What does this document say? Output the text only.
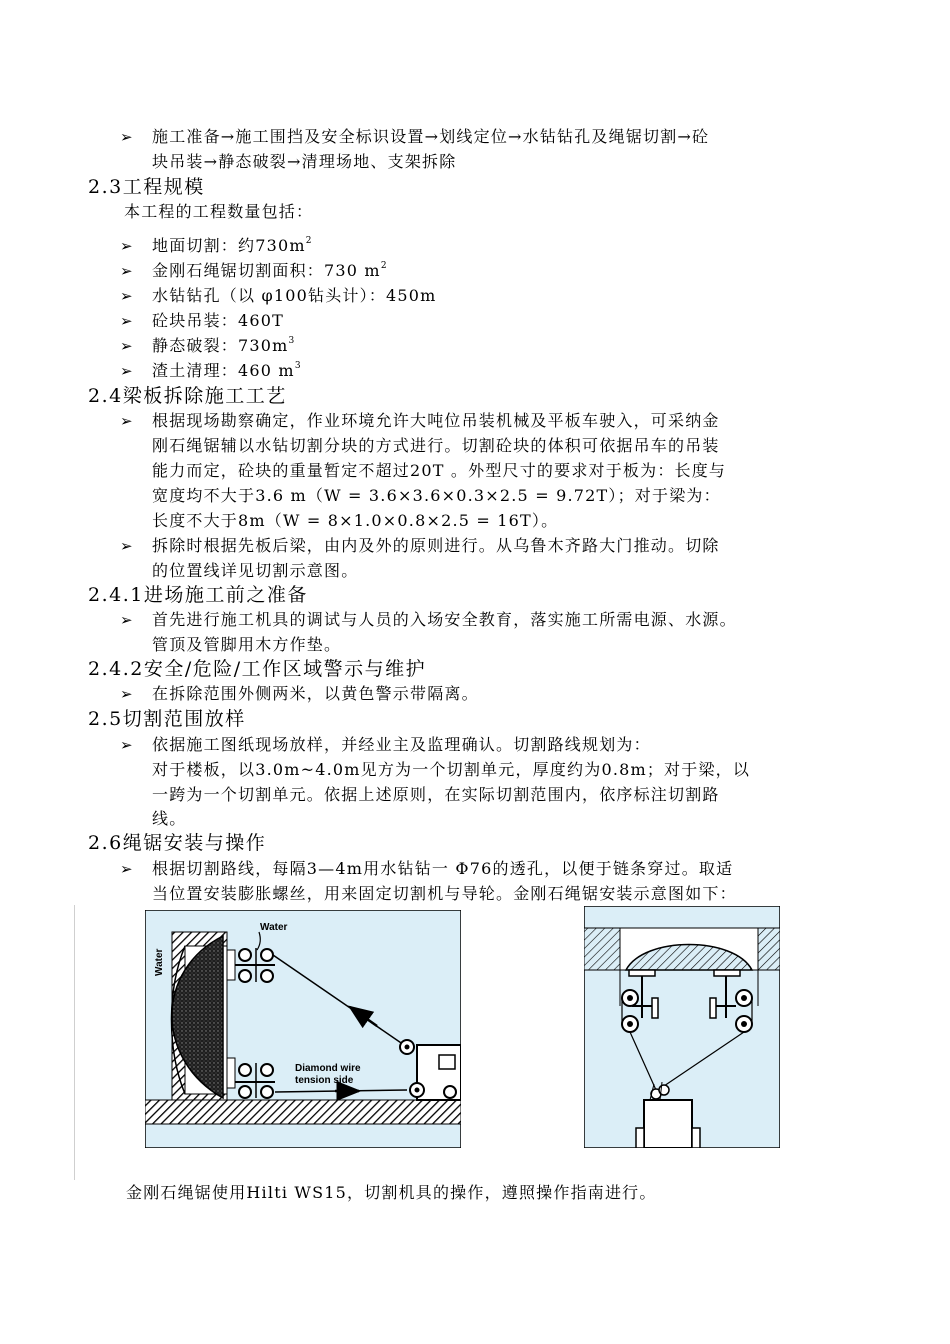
➢ 施工准备→施工围挡及安全标识设置→划线定位→水钻钻孔及绳锯切割→砼
块吊装→静态破裂→清理场地、支架拆除
2.3工程规模
本工程的工程数量包括：
➢ 地面切割：约$730m^2$
➢ 金刚石绳锯切割面积：730 $m^2$
➢ 水钻钻孔（以 φ100钻头计）：450m
➢ 砼块吊装：460T
➢ 静态破裂：$730m^3$
➢ 渣土清理：460 $m^3$
2.4梁板拆除施工工艺
➢ 根据现场勘察确定，作业环境允许大吨位吊装机械及平板车驶入，可采纳金
刚石绳锯辅以水钻切割分块的方式进行。切割砼块的体积可依据吊车的吊装
能力而定，砼块的重量暂定不超过20T 。外型尺寸的要求对于板为：长度与
宽度均不大于3.6 m（W = 3.6×3.6×0.3×2.5 = 9.72T）；对于梁为：
长度不大于8m（W = 8×1.0×0.8×2.5 = 16T）。
➢ 拆除时根据先板后梁，由内及外的原则进行。从乌鲁木齐路大门推动。切除
的位置线详见切割示意图。
2.4.1进场施工前之准备
➢ 首先进行施工机具的调试与人员的入场安全教育，落实施工所需电源、水源。
管顶及管脚用木方作垫。
2.4.2安全/危险/工作区域警示与维护
➢ 在拆除范围外侧两米，以黄色警示带隔离。
2.5切割范围放样
➢ 依据施工图纸现场放样，并经业主及监理确认。切割路线规划为：
对于楼板，以3.0m~4.0m见方为一个切割单元，厚度约为0.8m；对于梁，以
一跨为一个切割单元。依据上述原则，在实际切割范围内，依序标注切割路
线。
2.6绳锯安装与操作
➢ 根据切割路线，每隔3—4m用水钻钻一 Φ76的透孔，以便于链条穿过。取适
当位置安装膨胀螺丝，用来固定切割机与导轮。金刚石绳锯安装示意图如下：
Water
Water
Diamond wire
tension side
金刚石绳锯使用Hilti WS15，切割机具的操作，遵照操作指南进行。
